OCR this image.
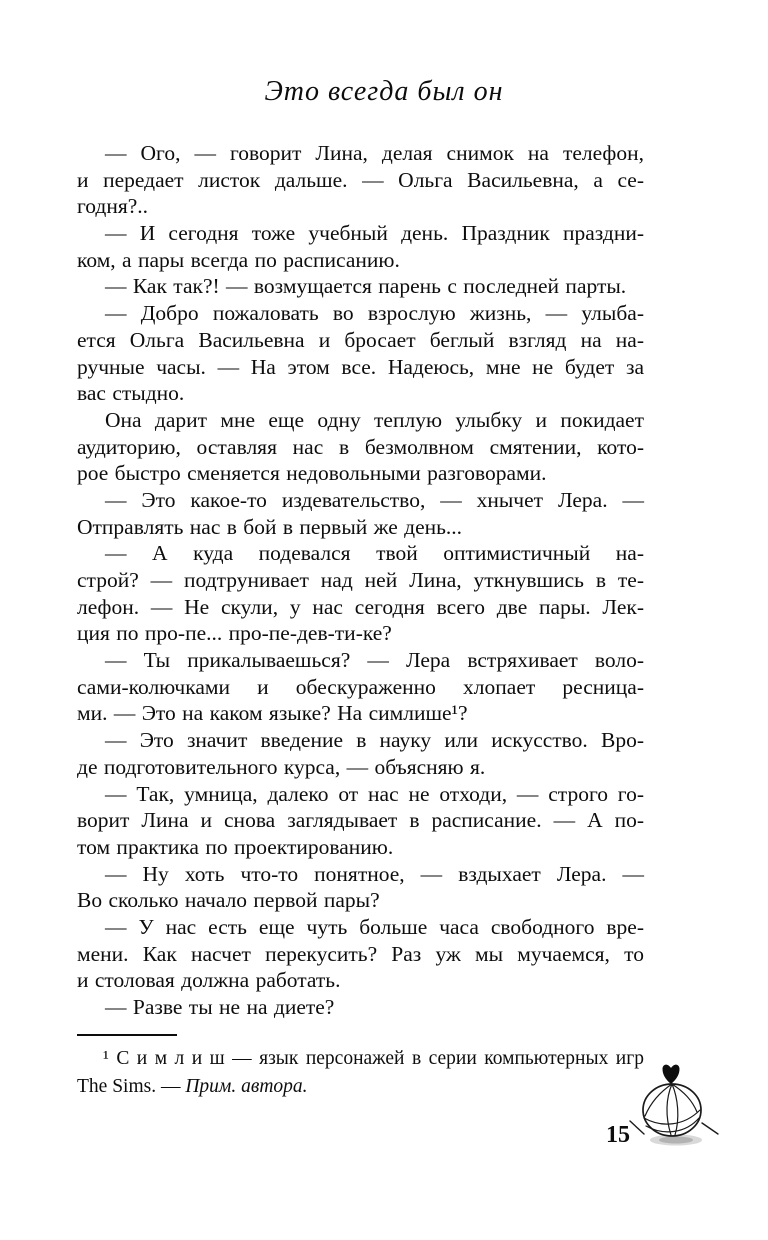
Это всегда был он
— Ого, — говорит Лина, делая снимок на телефон,
и передает листок дальше. — Ольга Васильевна, а се-
годня?..
— И сегодня тоже учебный день. Праздник праздни-
ком, а пары всегда по расписанию.
— Как так?! — возмущается парень с последней парты.
— Добро пожаловать во взрослую жизнь, — улыба-
ется Ольга Васильевна и бросает беглый взгляд на на-
ручные часы. — На этом все. Надеюсь, мне не будет за
вас стыдно.
Она дарит мне еще одну теплую улыбку и покидает
аудиторию, оставляя нас в безмолвном смятении, кото-
рое быстро сменяется недовольными разговорами.
— Это какое-то издевательство, — хнычет Лера. —
Отправлять нас в бой в первый же день...
— А куда подевался твой оптимистичный на-
строй? — подтрунивает над ней Лина, уткнувшись в те-
лефон. — Не скули, у нас сегодня всего две пары. Лек-
ция по про-пе... про-пе-дев-ти-ке?
— Ты прикалываешься? — Лера встряхивает воло-
сами-колючками и обескураженно хлопает ресница-
ми. — Это на каком языке? На симлише¹?
— Это значит введение в науку или искусство. Вро-
де подготовительного курса, — объясняю я.
— Так, умница, далеко от нас не отходи, — строго го-
ворит Лина и снова заглядывает в расписание. — А по-
том практика по проектированию.
— Ну хоть что-то понятное, — вздыхает Лера. —
Во сколько начало первой пары?
— У нас есть еще чуть больше часа свободного вре-
мени. Как насчет перекусить? Раз уж мы мучаемся, то
и столовая должна работать.
— Разве ты не на диете?
¹ С и м л и ш — язык персонажей в серии компьютерных игр
The Sims. — Прим. автора.
15
